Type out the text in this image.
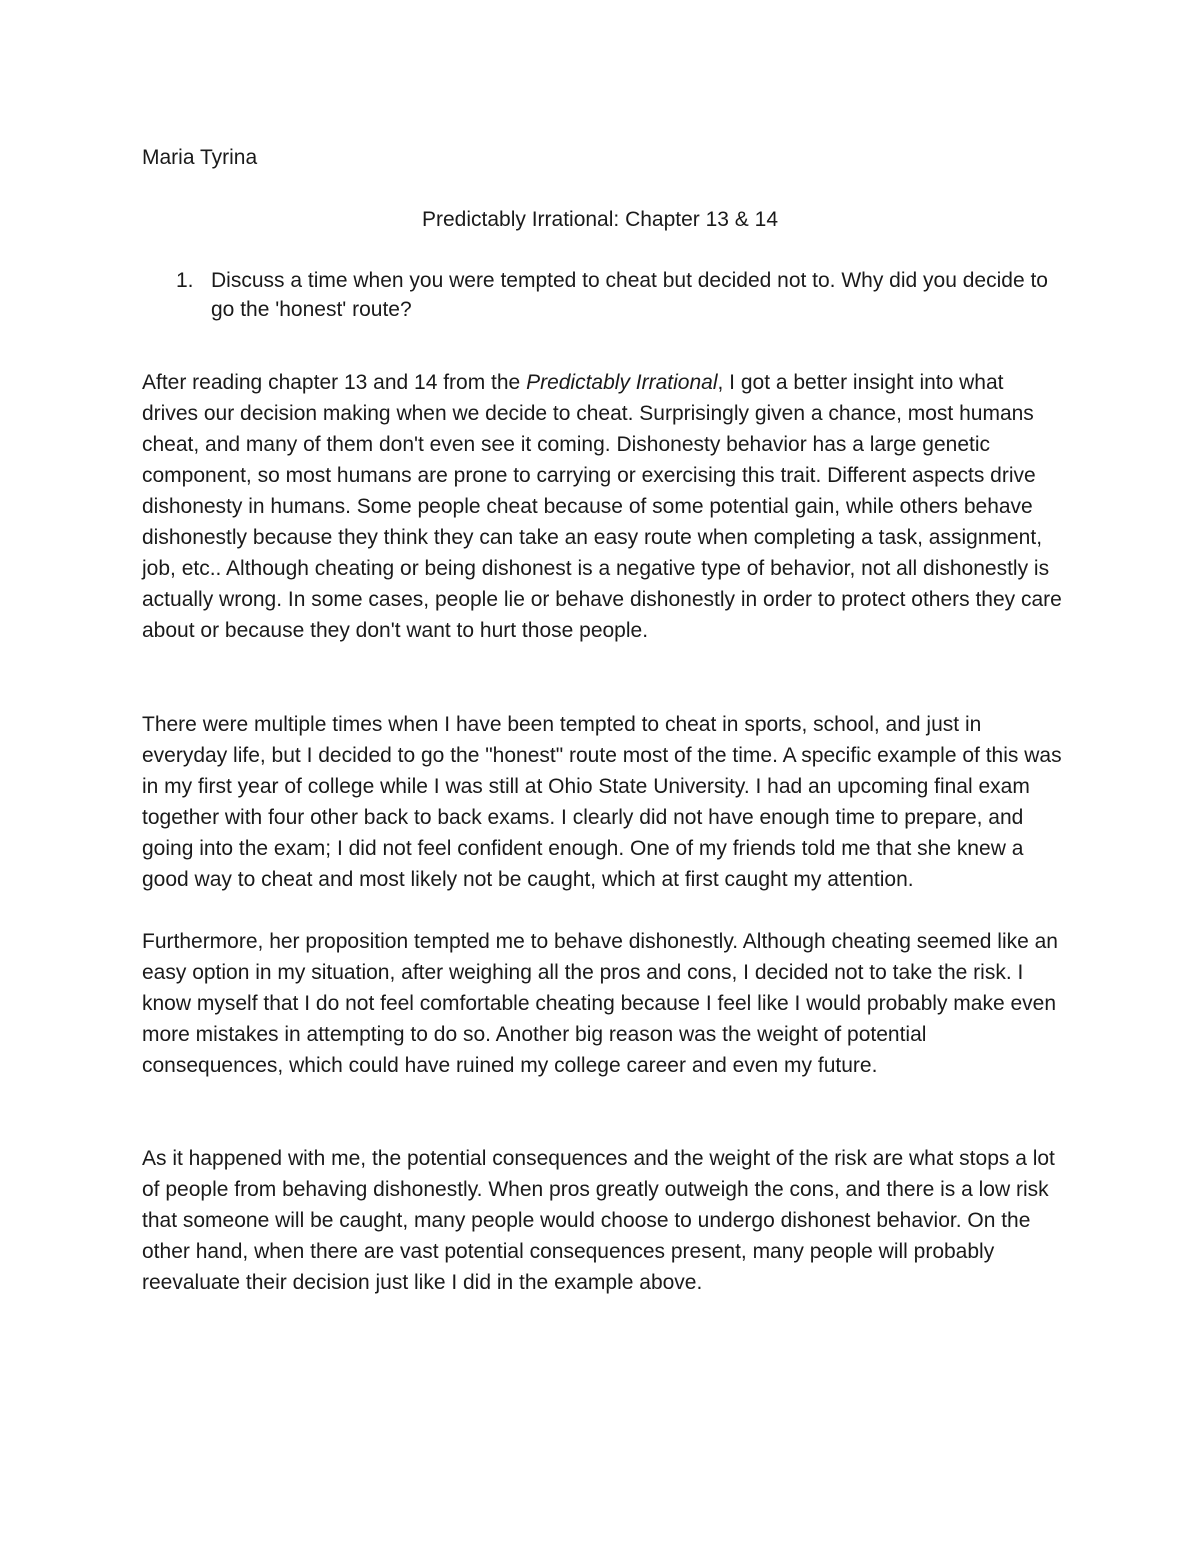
Maria Tyrina

Predictably Irrational: Chapter 13 & 14
1. Discuss a time when you were tempted to cheat but decided not to. Why did you decide to go the 'honest' route?

After reading chapter 13 and 14 from the Predictably Irrational, I got a better insight into what drives our decision making when we decide to cheat. Surprisingly given a chance, most humans cheat, and many of them don't even see it coming. Dishonesty behavior has a large genetic component, so most humans are prone to carrying or exercising this trait. Different aspects drive dishonesty in humans. Some people cheat because of some potential gain, while others behave dishonestly because they think they can take an easy route when completing a task, assignment, job, etc.. Although cheating or being dishonest is a negative type of behavior, not all dishonestly is actually wrong. In some cases, people lie or behave dishonestly in order to protect others they care about or because they don't want to hurt those people.

There were multiple times when I have been tempted to cheat in sports, school, and just in everyday life, but I decided to go the "honest" route most of the time. A specific example of this was in my first year of college while I was still at Ohio State University. I had an upcoming final exam together with four other back to back exams. I clearly did not have enough time to prepare, and going into the exam; I did not feel confident enough. One of my friends told me that she knew a good way to cheat and most likely not be caught, which at first caught my attention.

Furthermore, her proposition tempted me to behave dishonestly. Although cheating seemed like an easy option in my situation, after weighing all the pros and cons, I decided not to take the risk. I know myself that I do not feel comfortable cheating because I feel like I would probably make even more mistakes in attempting to do so. Another big reason was the weight of potential consequences, which could have ruined my college career and even my future.

As it happened with me, the potential consequences and the weight of the risk are what stops a lot of people from behaving dishonestly. When pros greatly outweigh the cons, and there is a low risk that someone will be caught, many people would choose to undergo dishonest behavior. On the other hand, when there are vast potential consequences present, many people will probably reevaluate their decision just like I did in the example above.
